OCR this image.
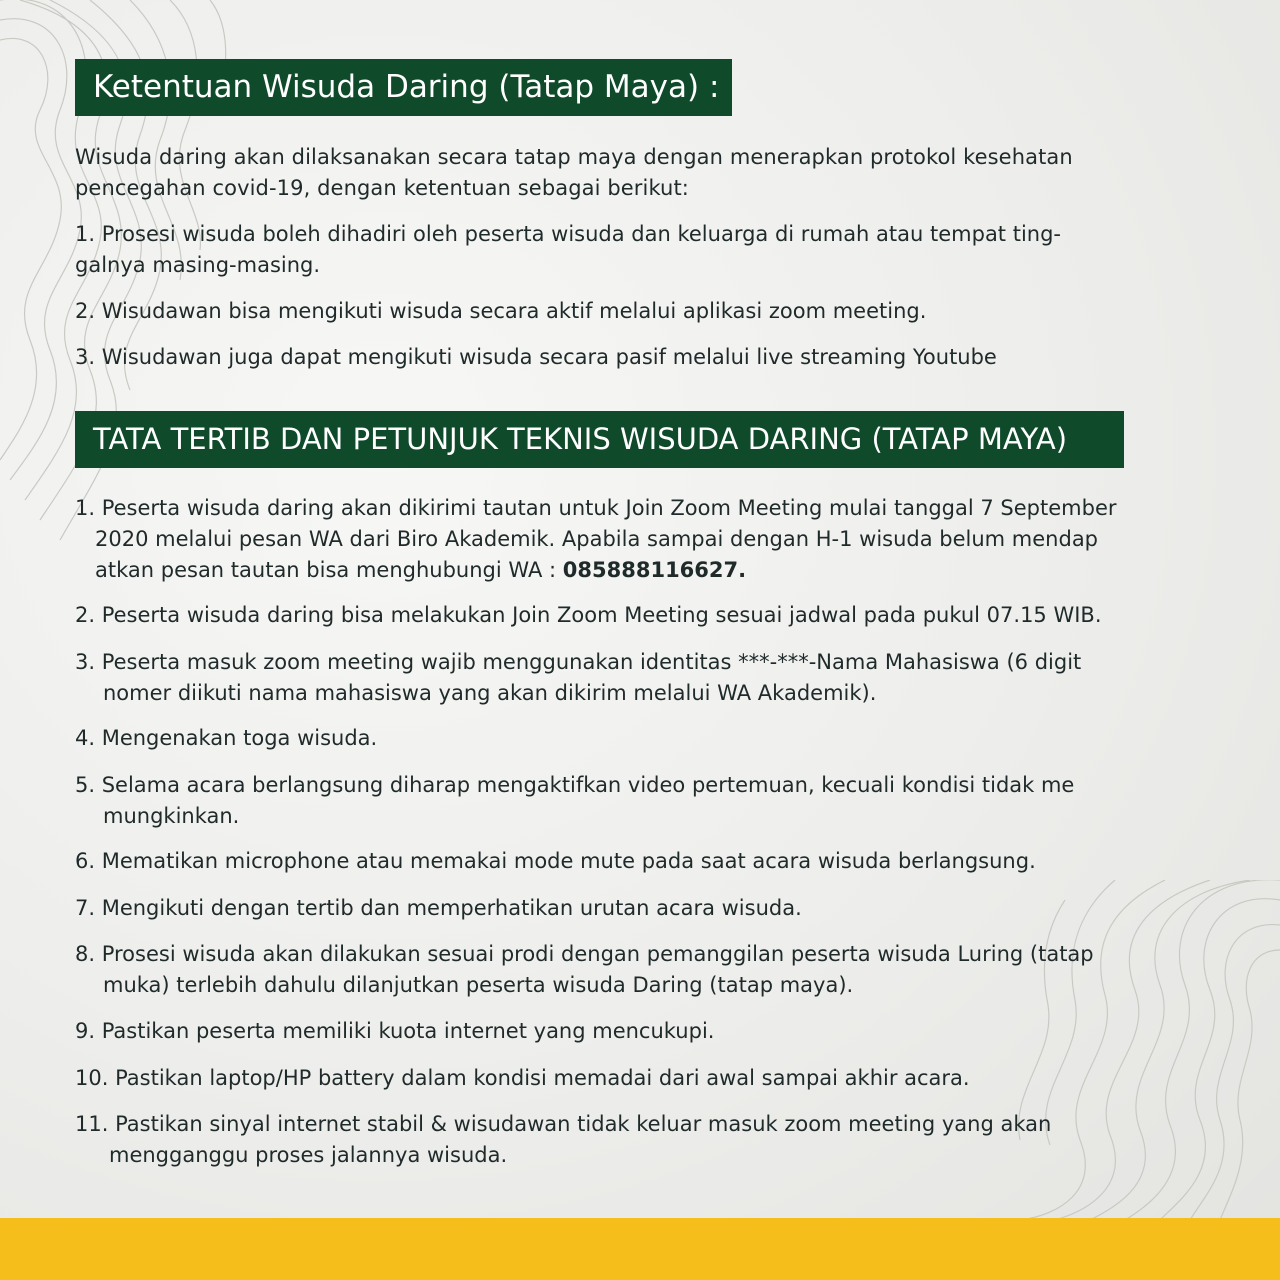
Ketentuan Wisuda Daring (Tatap Maya) :

Wisuda daring akan dilaksanakan secara tatap maya dengan menerapkan protokol kesehatan
pencegahan covid-19, dengan ketentuan sebagai berikut:

1. Prosesi wisuda boleh dihadiri oleh peserta wisuda dan keluarga di rumah atau tempat ting-
galnya masing-masing.

2. Wisudawan bisa mengikuti wisuda secara aktif melalui aplikasi zoom meeting.

3. Wisudawan juga dapat mengikuti wisuda secara pasif melalui live streaming Youtube

TATA TERTIB DAN PETUNJUK TEKNIS WISUDA DARING (TATAP MAYA)

1. Peserta wisuda daring akan dikirimi tautan untuk Join Zoom Meeting mulai tanggal 7 September
2020 melalui pesan WA dari Biro Akademik. Apabila sampai dengan H-1 wisuda belum mendap
atkan pesan tautan bisa menghubungi WA : 085888116627.

2. Peserta wisuda daring bisa melakukan Join Zoom Meeting sesuai jadwal pada pukul 07.15 WIB.

3. Peserta masuk zoom meeting wajib menggunakan identitas ***-***-Nama Mahasiswa (6 digit
nomer diikuti nama mahasiswa yang akan dikirim melalui WA Akademik).

4. Mengenakan toga wisuda.

5. Selama acara berlangsung diharap mengaktifkan video pertemuan, kecuali kondisi tidak me
mungkinkan.

6. Mematikan microphone atau memakai mode mute pada saat acara wisuda berlangsung.

7. Mengikuti dengan tertib dan memperhatikan urutan acara wisuda.

8. Prosesi wisuda akan dilakukan sesuai prodi dengan pemanggilan peserta wisuda Luring (tatap
muka) terlebih dahulu dilanjutkan peserta wisuda Daring (tatap maya).

9. Pastikan peserta memiliki kuota internet yang mencukupi.

10. Pastikan laptop/HP battery dalam kondisi memadai dari awal sampai akhir acara.

11. Pastikan sinyal internet stabil & wisudawan tidak keluar masuk zoom meeting yang akan
mengganggu proses jalannya wisuda.
